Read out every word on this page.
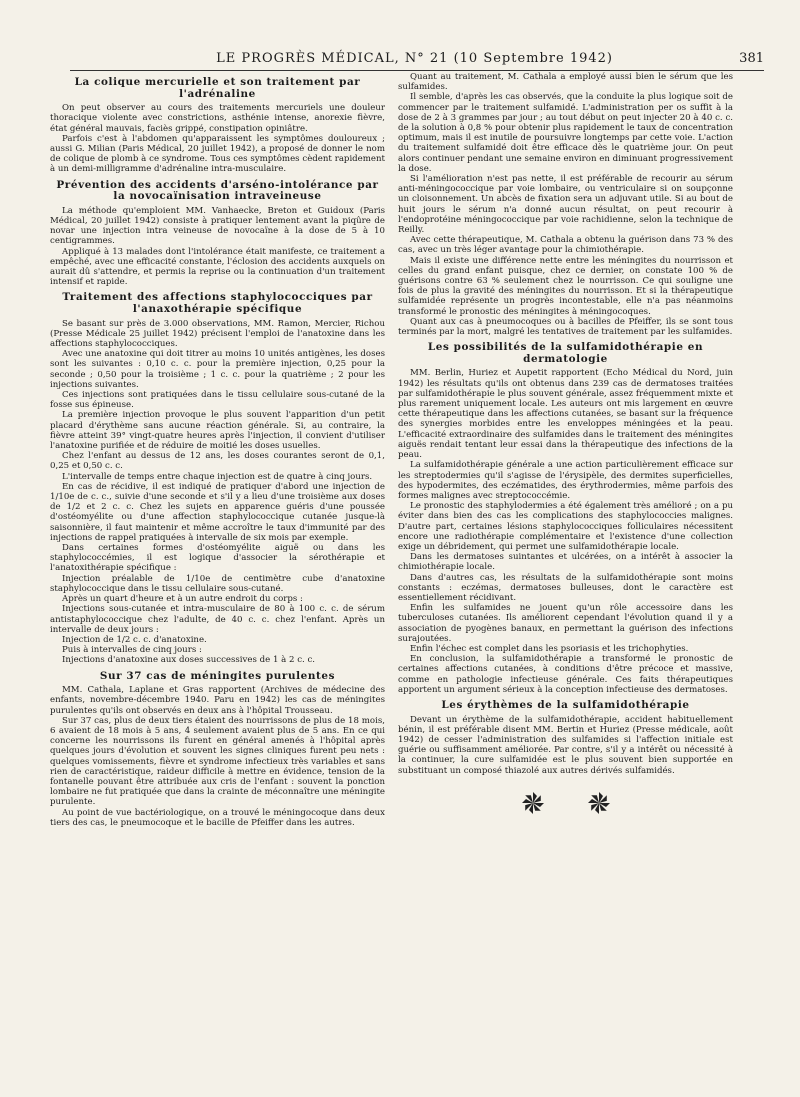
LE PROGRÈS MÉDICAL, N° 21 (10 Septembre 1942)	381
La colique mercurielle et son traitement par l'adrénaline

On peut observer au cours des traitements mercuriels une douleur thoracique violente avec constrictions, asthénie intense, anorexie fièvre, état général mauvais, faciès grippé, constipation opiniâtre.

Parfois c'est à l'abdomen qu'apparaissent les symptômes douloureux ; aussi G. Milian (Paris Médical, 20 juillet 1942), a proposé de donner le nom de colique de plomb à ce syndrome. Tous ces symptômes cèdent rapidement à un demi-milligramme d'adrénaline intra-musculaire.

Prévention des accidents d'arséno-intolérance par la novocaïnisation intraveineuse

La méthode qu'emploient MM. Vanhaecke, Breton et Guidoux (Paris Médical, 20 juillet 1942) consiste à pratiquer lentement avant la piqûre de novar une injection intra veineuse de novocaïne à la dose de 5 à 10 centigrammes.

Appliqué à 13 malades dont l'intolérance était manifeste, ce traitement a empêché, avec une efficacité constante, l'éclosion des accidents auxquels on aurait dû s'attendre, et permis la reprise ou la continuation d'un traitement intensif et rapide.

Traitement des affections staphylococciques par l'anaxothérapie spécifique

Se basant sur près de 3.000 observations, MM. Ramon, Mercier, Richou (Presse Médicale 25 juillet 1942) précisent l'emploi de l'anatoxine dans les affections staphylococciques.

Avec une anatoxine qui doit titrer au moins 10 unités antigènes, les doses sont les suivantes : 0,10 c. c. pour la première injection, 0,25 pour la seconde ; 0,50 pour la troisième ; 1 c. c. pour la quatrième ; 2 pour les injections suivantes.

Ces injections sont pratiquées dans le tissu cellulaire sous-cutané de la fosse sus épineuse.

La première injection provoque le plus souvent l'apparition d'un petit placard d'érythème sans aucune réaction générale. Si, au contraire, la fièvre atteint 39° vingt-quatre heures après l'injection, il convient d'utiliser l'anatoxine purifiée et de réduire de moitié les doses usuelles.

Chez l'enfant au dessus de 12 ans, les doses courantes seront de 0,1, 0,25 et 0,50 c. c.

L'intervalle de temps entre chaque injection est de quatre à cinq jours.

En cas de récidive, il est indiqué de pratiquer d'abord une injection de 1/10e de c. c., suivie d'une seconde et s'il y a lieu d'une troisième aux doses de 1/2 et 2 c. c. Chez les sujets en apparence guéris d'une poussée d'ostéomyélite ou d'une affection staphylococcique cutanée jusque-là saisonnière, il faut maintenir et même accroître le taux d'immunité par des injections de rappel pratiquées à intervalle de six mois par exemple.

Dans certaines formes d'ostéomyélite aiguë ou dans les staphylococcémies, il est logique d'associer la sérothérapie et l'anatoxithérapie spécifique :

Injection préalable de 1/10e de centimètre cube d'anatoxine staphylococcique dans le tissu cellulaire sous-cutané.

Après un quart d'heure et à un autre endroit du corps :

Injections sous-cutanée et intra-musculaire de 80 à 100 c. c. de sérum antistaphylococcique chez l'adulte, de 40 c. c. chez l'enfant. Après un intervalle de deux jours :

Injection de 1/2 c. c. d'anatoxine.

Puis à intervalles de cinq jours :

Injections d'anatoxine aux doses successives de 1 à 2 c. c.

Sur 37 cas de méningites purulentes

MM. Cathala, Laplane et Gras rapportent (Archives de médecine des enfants, novembre-décembre 1940. Paru en 1942) les cas de méningites purulentes qu'ils ont observés en deux ans à l'hôpital Trousseau.

Sur 37 cas, plus de deux tiers étaient des nourrissons de plus de 18 mois, 6 avaient de 18 mois à 5 ans, 4 seulement avaient plus de 5 ans. En ce qui concerne les nourrissons ils furent en général amenés à l'hôpital après quelques jours d'évolution et souvent les signes cliniques furent peu nets : quelques vomissements, fièvre et syndrome infectieux très variables et sans rien de caractéristique, raideur difficile à mettre en évidence, tension de la fontanelle pouvant être attribuée aux cris de l'enfant : souvent la ponction lombaire ne fut pratiquée que dans la crainte de méconnaître une méningite purulente.

Au point de vue bactériologique, on a trouvé le méningocoque dans deux tiers des cas, le pneumocoque et le bacille de Pfeiffer dans les autres.

Quant au traitement, M. Cathala a employé aussi bien le sérum que les sulfamides.

Il semble, d'après les cas observés, que la conduite la plus logique soit de commencer par le traitement sulfamidé. L'administration per os suffit à la dose de 2 à 3 grammes par jour ; au tout début on peut injecter 20 à 40 c. c. de la solution à 0,8 % pour obtenir plus rapidement le taux de concentration optimum, mais il est inutile de poursuivre longtemps par cette voie. L'action du traitement sulfamidé doit être efficace dès le quatrième jour. On peut alors continuer pendant une semaine environ en diminuant progressivement la dose.

Si l'amélioration n'est pas nette, il est préférable de recourir au sérum anti-méningococcique par voie lombaire, ou ventriculaire si on soupçonne un cloisonnement. Un abcès de fixation sera un adjuvant utile. Si au bout de huit jours le sérum n'a donné aucun résultat, on peut recourir à l'endoprotéine méningococcique par voie rachidienne, selon la technique de Reilly.

Avec cette thérapeutique, M. Cathala a obtenu la guérison dans 73 % des cas, avec un très léger avantage pour la chimiothérapie.

Mais il existe une différence nette entre les méningites du nourrisson et celles du grand enfant puisque, chez ce dernier, on constate 100 % de guérisons contre 63 % seulement chez le nourrisson. Ce qui souligne une fois de plus la gravité des méningites du nourrisson. Et si la thérapeutique sulfamidée représente un progrès incontestable, elle n'a pas néanmoins transformé le pronostic des méningites à méningocoques.

Quant aux cas à pneumocoques ou à bacilles de Pfeiffer, ils se sont tous terminés par la mort, malgré les tentatives de traitement par les sulfamides.

Les possibilités de la sulfamidothérapie en dermatologie

MM. Berlin, Huriez et Aupetit rapportent (Echo Médical du Nord, juin 1942) les résultats qu'ils ont obtenus dans 239 cas de dermatoses traitées par sulfamidothérapie le plus souvent générale, assez fréquemment mixte et plus rarement uniquement locale. Les auteurs ont mis largement en œuvre cette thérapeutique dans les affections cutanées, se basant sur la fréquence des synergies morbides entre les enveloppes méningées et la peau. L'efficacité extraordinaire des sulfamides dans le traitement des méningites aiguës rendait tentant leur essai dans la thérapeutique des infections de la peau.

La sulfamidothérapie générale a une action particulièrement efficace sur les streptodermies qu'il s'agisse de l'érysipèle, des dermites superficielles, des hypodermites, des eczématides, des érythrodermies, même parfois des formes malignes avec streptococcémie.

Le pronostic des staphylodermies a été également très amélioré ; on a pu éviter dans bien des cas les complications des staphylococcies malignes. D'autre part, certaines lésions staphylococciques folliculaires nécessitent encore une radiothérapie complémentaire et l'existence d'une collection exige un débridement, qui permet une sulfamidothérapie locale.

Dans les dermatoses suintantes et ulcérées, on a intérêt à associer la chimiothérapie locale.

Dans d'autres cas, les résultats de la sulfamidothérapie sont moins constants : eczémas, dermatoses bulleuses, dont le caractère est essentiellement récidivant.

Enfin les sulfamides ne jouent qu'un rôle accessoire dans les tuberculoses cutanées. Ils améliorent cependant l'évolution quand il y a association de pyogènes banaux, en permettant la guérison des infections surajoutées.

Enfin l'échec est complet dans les psoriasis et les trichophyties.

En conclusion, la sulfamidothérapie a transformé le pronostic de certaines affections cutanées, à conditions d'être précoce et massive, comme en pathologie infectieuse générale. Ces faits thérapeutiques apportent un argument sérieux à la conception infectieuse des dermatoses.

Les érythèmes de la sulfamidothérapie

Devant un érythème de la sulfamidothérapie, accident habituellement bénin, il est préférable disent MM. Bertin et Huriez (Presse médicale, août 1942) de cesser l'administration des sulfamides si l'affection initiale est guérie ou suffisamment améliorée. Par contre, s'il y a intérêt ou nécessité à la continuer, la cure sulfamidée est le plus souvent bien supportée en substituant un composé thiazolé aux autres dérivés sulfamidés.
